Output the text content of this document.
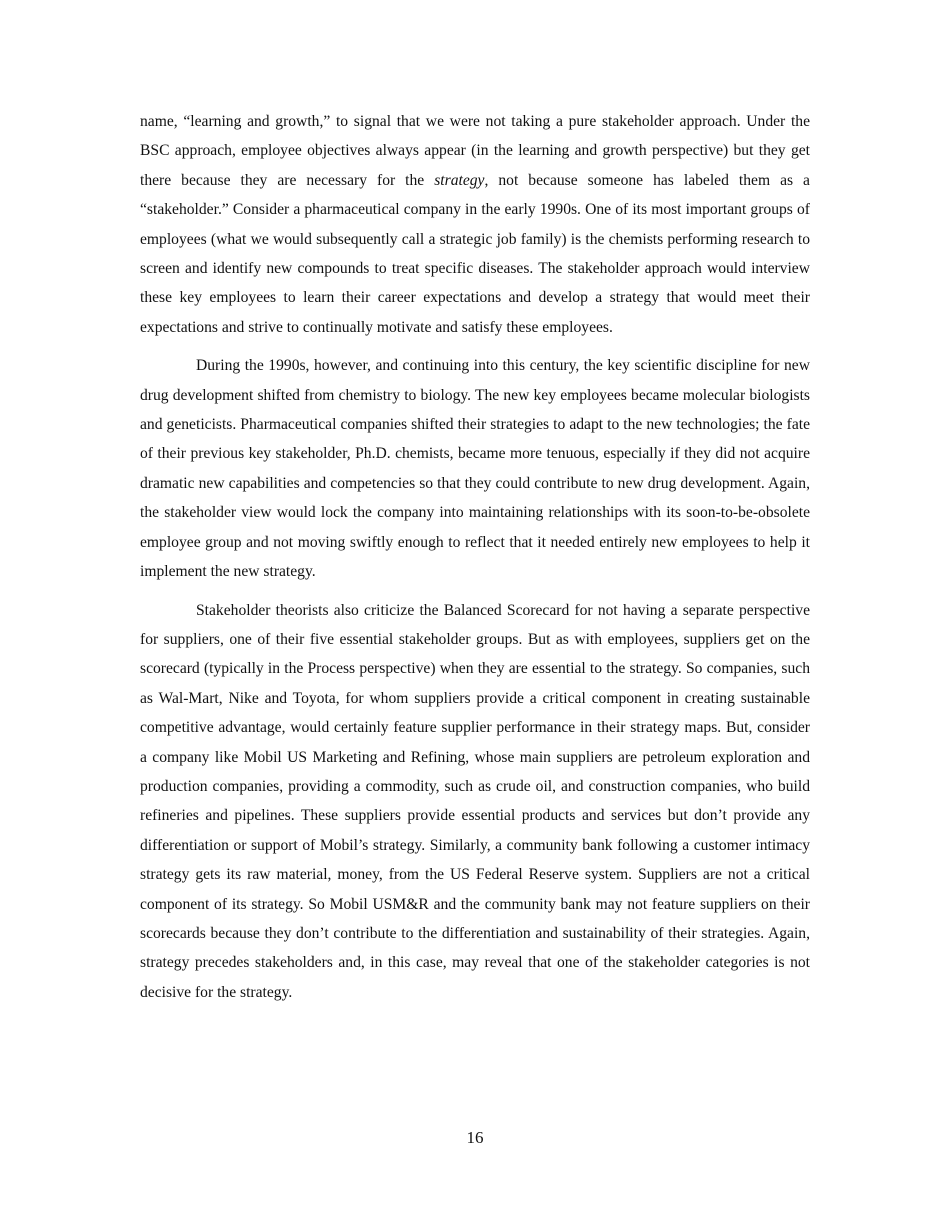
name, “learning and growth,” to signal that we were not taking a pure stakeholder approach. Under the BSC approach, employee objectives always appear (in the learning and growth perspective) but they get there because they are necessary for the strategy, not because someone has labeled them as a “stakeholder.” Consider a pharmaceutical company in the early 1990s. One of its most important groups of employees (what we would subsequently call a strategic job family) is the chemists performing research to screen and identify new compounds to treat specific diseases. The stakeholder approach would interview these key employees to learn their career expectations and develop a strategy that would meet their expectations and strive to continually motivate and satisfy these employees.

During the 1990s, however, and continuing into this century, the key scientific discipline for new drug development shifted from chemistry to biology. The new key employees became molecular biologists and geneticists. Pharmaceutical companies shifted their strategies to adapt to the new technologies; the fate of their previous key stakeholder, Ph.D. chemists, became more tenuous, especially if they did not acquire dramatic new capabilities and competencies so that they could contribute to new drug development. Again, the stakeholder view would lock the company into maintaining relationships with its soon-to-be-obsolete employee group and not moving swiftly enough to reflect that it needed entirely new employees to help it implement the new strategy.

Stakeholder theorists also criticize the Balanced Scorecard for not having a separate perspective for suppliers, one of their five essential stakeholder groups. But as with employees, suppliers get on the scorecard (typically in the Process perspective) when they are essential to the strategy. So companies, such as Wal-Mart, Nike and Toyota, for whom suppliers provide a critical component in creating sustainable competitive advantage, would certainly feature supplier performance in their strategy maps. But, consider a company like Mobil US Marketing and Refining, whose main suppliers are petroleum exploration and production companies, providing a commodity, such as crude oil, and construction companies, who build refineries and pipelines. These suppliers provide essential products and services but don’t provide any differentiation or support of Mobil’s strategy. Similarly, a community bank following a customer intimacy strategy gets its raw material, money, from the US Federal Reserve system. Suppliers are not a critical component of its strategy. So Mobil USM&R and the community bank may not feature suppliers on their scorecards because they don’t contribute to the differentiation and sustainability of their strategies. Again, strategy precedes stakeholders and, in this case, may reveal that one of the stakeholder categories is not decisive for the strategy.

16
